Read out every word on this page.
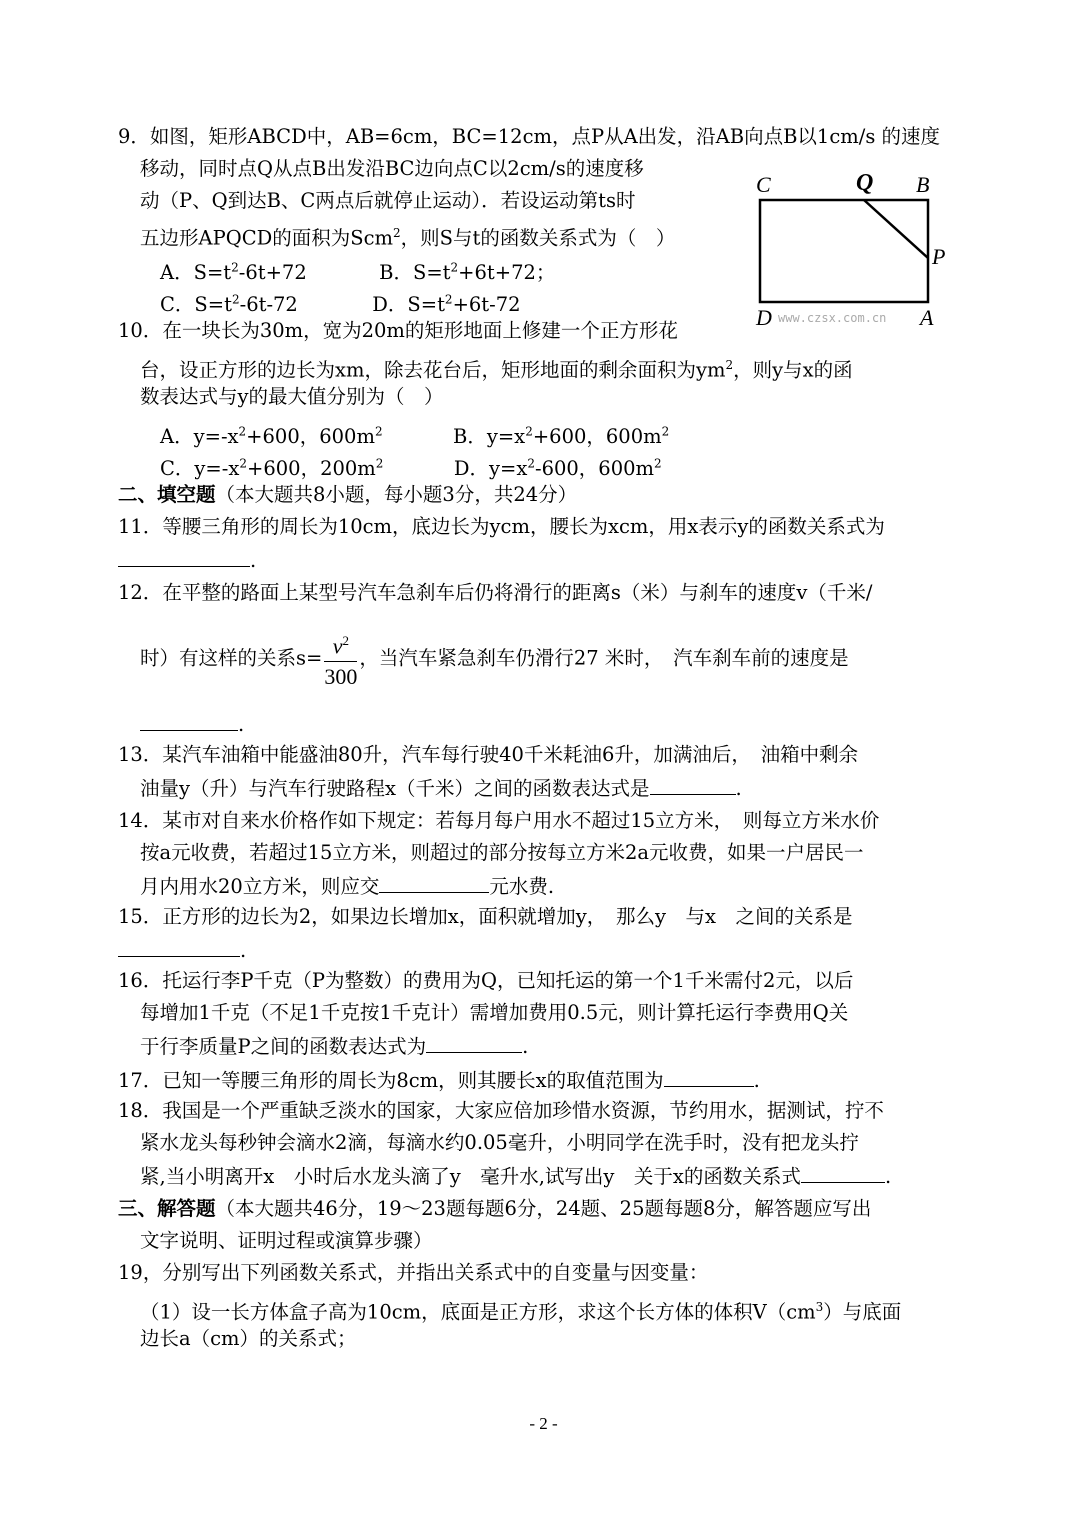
9．如图，矩形ABCD中，AB=6cm，BC=12cm，点P从A出发，沿AB向点B以1cm/s 的速度
移动，同时点Q从点B出发沿BC边向点C以2cm/s的速度移
动（P、Q到达B、C两点后就停止运动）．若设运动第ts时
五边形APQCD的面积为Scm$^2$，则S与t的函数关系式为（　）
A．$S=t^2-6t+72$	B．$S=t^2+6t+72$；
C．$S=t^2-6t-72$	D．$S=t^2+6t-72$
C	Q B
P
D	A
www.czsx.com.cn
10．在一块长为30m，宽为20m的矩形地面上修建一个正方形花
台，设正方形的边长为xm，除去花台后，矩形地面的剩余面积为$ym^2$，则y与x的函
数表达式与y的最大值分别为（　）
A．$y=-x^2+600$，$600m^2$	B．$y=x^2+600$，$600m^2$
C．$y=-x^2+600$，$200m^2$	D．$y=x^2-600$，$600m^2$
二、填空题（本大题共8小题，每小题3分，共24分）
11．等腰三角形的周长为10cm，底边长为ycm，腰长为xcm，用x表示y的函数关系式为
.
12．在平整的路面上某型号汽车急刹车后仍将滑行的距离s（米）与刹车的速度v（千米/
时）有这样的关系$s= \frac{v^2}{300}$ ，当汽车紧急刹车仍滑行27 米时，　汽车刹车前的速度是
.
13．某汽车油箱中能盛油80升，汽车每行驶40千米耗油6升，加满油后，　油箱中剩余
油量y（升）与汽车行驶路程x（千米）之间的函数表达式是	.
14．某市对自来水价格作如下规定：若每月每户用水不超过15立方米，　则每立方米水价
按a元收费，若超过15立方米，则超过的部分按每立方米2a元收费，如果一户居民一
月内用水20立方米，则应交	元水费.
15．正方形的边长为2，如果边长增加x，面积就增加y，　那么y　与x　之间的关系是
.
16．托运行李P千克（P为整数）的费用为Q，已知托运的第一个1千米需付2元，以后
每增加1千克（不足1千克按1千克计）需增加费用0.5元，则计算托运行李费用Q关
于行李质量P之间的函数表达式为	.
17．已知一等腰三角形的周长为8cm，则其腰长x的取值范围为	.
18．我国是一个严重缺乏淡水的国家，大家应倍加珍惜水资源，节约用水，据测试，拧不
紧水龙头每秒钟会滴水2滴，每滴水约0.05毫升，小明同学在洗手时，没有把龙头拧
紧,当小明离开x　小时后水龙头滴了y　毫升水,试写出y　关于x的函数关系式	.
三、解答题（本大题共46分，19～23题每题6分，24题、25题每题8分，解答题应写出
文字说明、证明过程或演算步骤）
19，分别写出下列函数关系式，并指出关系式中的自变量与因变量：
（1）设一长方体盒子高为10cm，底面是正方形，求这个长方体的体积$V(cm^3)$与底面
边长a（cm）的关系式；
- 2 -
